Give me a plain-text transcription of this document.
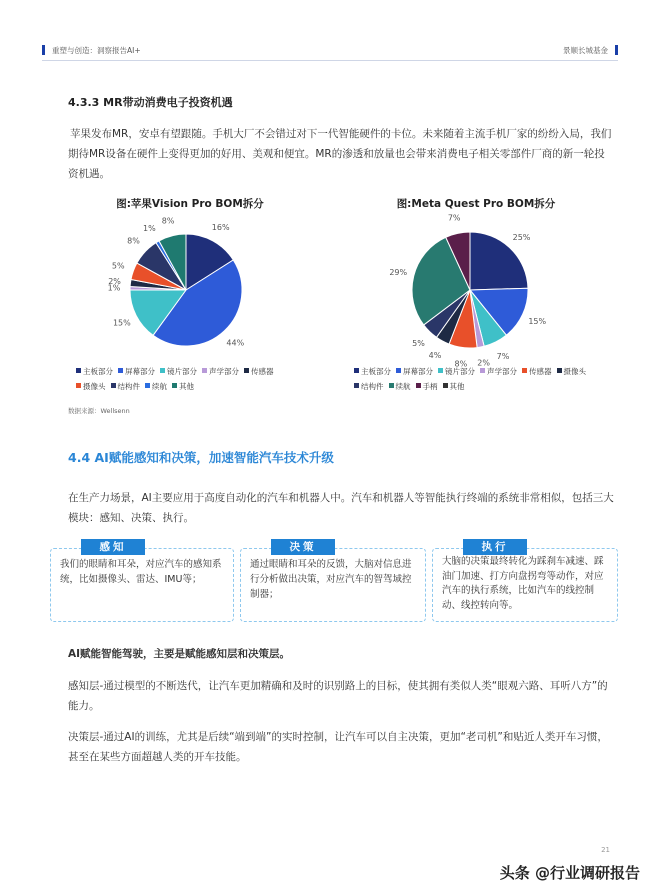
重塑与创造：洞察报告AI+	景顺长城基金
4.3.3 MR带动消费电子投资机遇
苹果发布MR，安卓有望跟随。手机大厂不会错过对下一代智能硬件的卡位。未来随着主流手机厂家的纷纷入局，我们期待MR设备在硬件上变得更加的好用、美观和便宜。MR的渗透和放量也会带来消费电子相关零部件厂商的新一轮投资机遇。
图:苹果Vision Pro BOM拆分	图:Meta Quest Pro BOM拆分
16%
44%
15%
1%
2%
5%
8%
1%
8%
25%
15%
7%
2%
8%
4%
5%
29%
7%
主板部分 屏幕部分 镜片部分 声学部分 传感器摄像头 结构件 续航 其他
主板部分 屏幕部分 镜片部分 声学部分 传感器 摄像头结构件 续航 手柄 其他
数据来源：Wellsenn
4.4 AI赋能感知和决策，加速智能汽车技术升级
在生产力场景，AI主要应用于高度自动化的汽车和机器人中。汽车和机器人等智能执行终端的系统非常相似，包括三大模块：感知、决策、执行。
感知
我们的眼睛和耳朵，对应汽车的感知系统，比如摄像头、雷达、IMU等；
决策
通过眼睛和耳朵的反馈，大脑对信息进行分析做出决策，对应汽车的智驾域控制器；
执行
大脑的决策最终转化为踩刹车减速、踩油门加速、打方向盘拐弯等动作，对应汽车的执行系统，比如汽车的线控制动、线控转向等。
AI赋能智能驾驶，主要是赋能感知层和决策层。
感知层-通过模型的不断迭代，让汽车更加精确和及时的识别路上的目标，使其拥有类似人类“眼观六路、耳听八方”的能力。
决策层-通过AI的训练，尤其是后续“端到端”的实时控制，让汽车可以自主决策，更加“老司机”和贴近人类开车习惯，甚至在某些方面超越人类的开车技能。
21
头条 @行业调研报告
